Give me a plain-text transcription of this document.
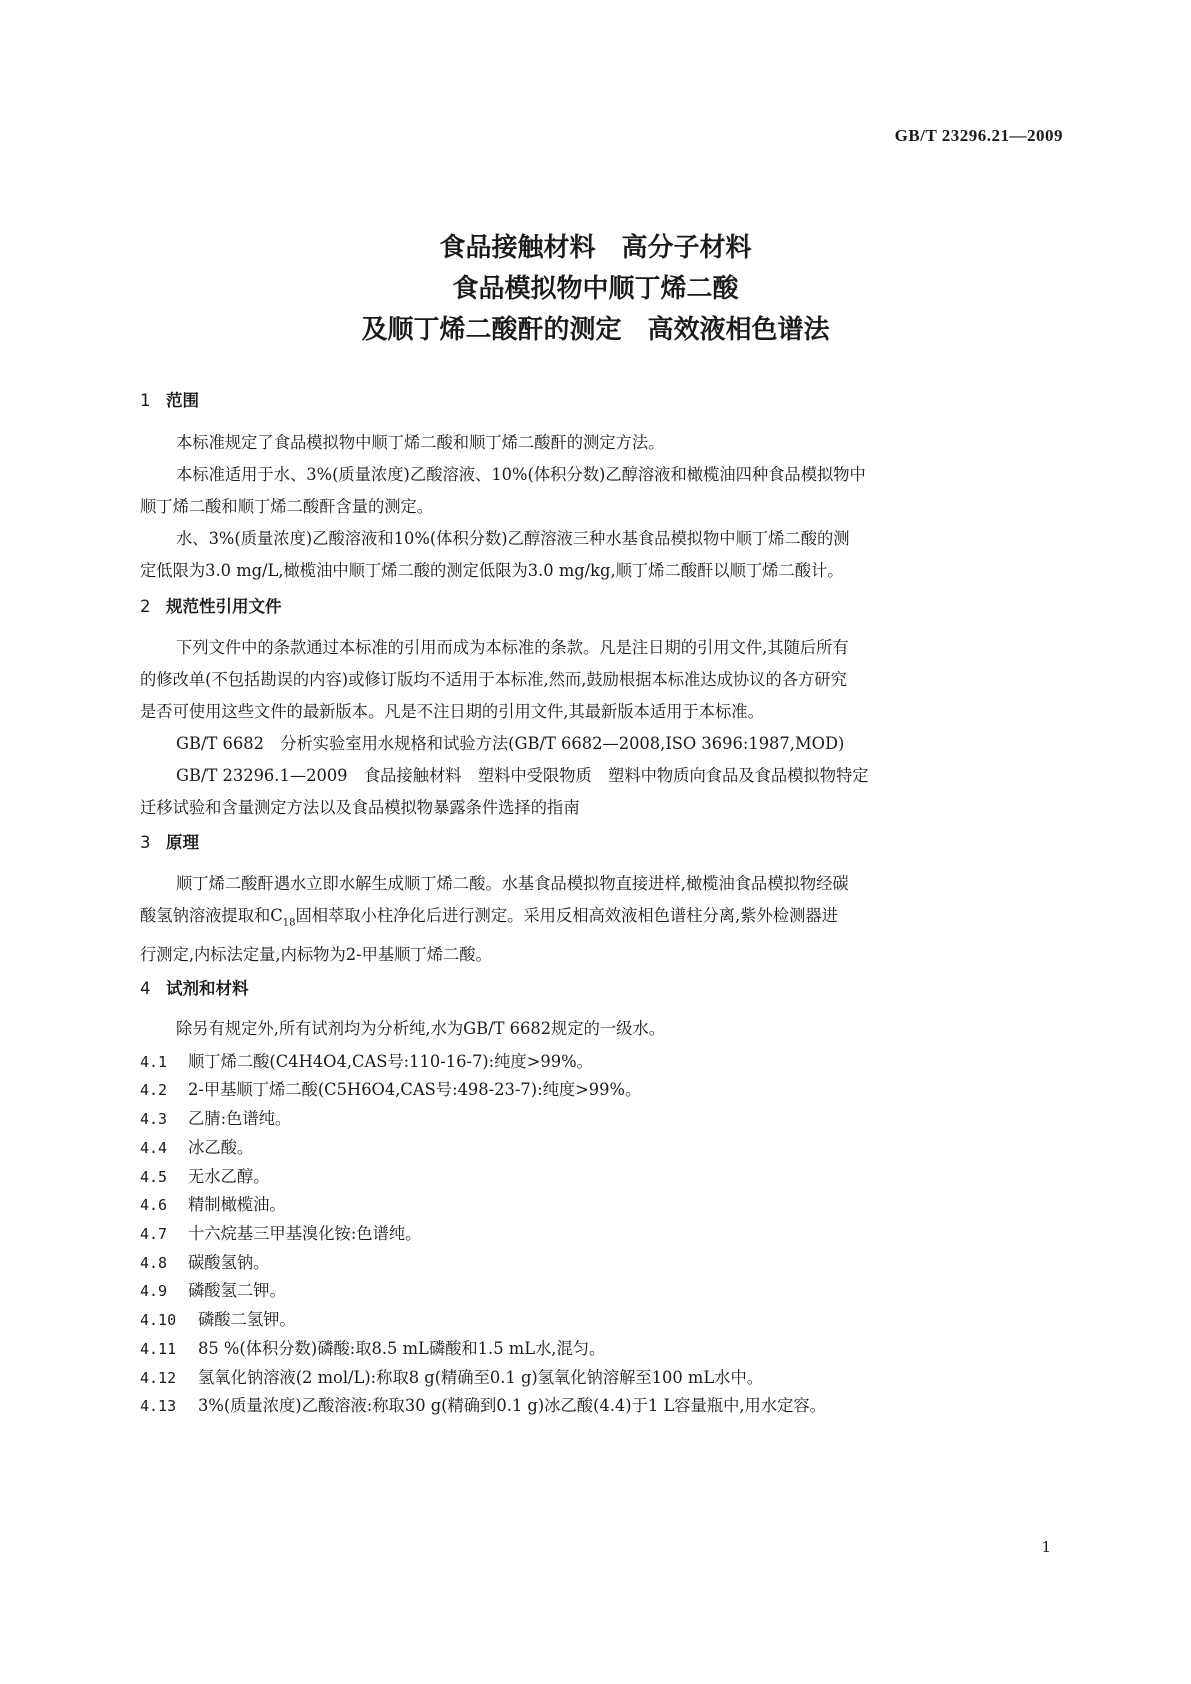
GB/T 23296.21—2009
食品接触材料　高分子材料
食品模拟物中顺丁烯二酸
及顺丁烯二酸酐的测定　高效液相色谱法
1 范围
本标准规定了食品模拟物中顺丁烯二酸和顺丁烯二酸酐的测定方法。
本标准适用于水、3%(质量浓度)乙酸溶液、10%(体积分数)乙醇溶液和橄榄油四种食品模拟物中
顺丁烯二酸和顺丁烯二酸酐含量的测定。
水、3%(质量浓度)乙酸溶液和10%(体积分数)乙醇溶液三种水基食品模拟物中顺丁烯二酸的测
定低限为3.0 mg/L,橄榄油中顺丁烯二酸的测定低限为3.0 mg/kg,顺丁烯二酸酐以顺丁烯二酸计。
2 规范性引用文件
下列文件中的条款通过本标准的引用而成为本标准的条款。凡是注日期的引用文件,其随后所有
的修改单(不包括勘误的内容)或修订版均不适用于本标准,然而,鼓励根据本标准达成协议的各方研究
是否可使用这些文件的最新版本。凡是不注日期的引用文件,其最新版本适用于本标准。
GB/T 6682　分析实验室用水规格和试验方法(GB/T 6682—2008,ISO 3696:1987,MOD)
GB/T 23296.1—2009　食品接触材料　塑料中受限物质　塑料中物质向食品及食品模拟物特定
迁移试验和含量测定方法以及食品模拟物暴露条件选择的指南
3 原理
顺丁烯二酸酐遇水立即水解生成顺丁烯二酸。水基食品模拟物直接进样,橄榄油食品模拟物经碳
酸氢钠溶液提取和$C_{18}$固相萃取小柱净化后进行测定。采用反相高效液相色谱柱分离,紫外检测器进
行测定,内标法定量,内标物为2-甲基顺丁烯二酸。
4 试剂和材料
除另有规定外,所有试剂均为分析纯,水为GB/T 6682规定的一级水。
4.1 顺丁烯二酸(C4H4O4,CAS号:110-16-7):纯度>99%。
4.2 2-甲基顺丁烯二酸(C5H6O4,CAS号:498-23-7):纯度>99%。
4.3 乙腈:色谱纯。
4.4 冰乙酸。
4.5 无水乙醇。
4.6 精制橄榄油。
4.7 十六烷基三甲基溴化铵:色谱纯。
4.8 碳酸氢钠。
4.9 磷酸氢二钾。
4.10 磷酸二氢钾。
4.11 85 %(体积分数)磷酸:取8.5 mL磷酸和1.5 mL水,混匀。
4.12 氢氧化钠溶液(2 mol/L):称取8 g(精确至0.1 g)氢氧化钠溶解至100 mL水中。
4.13 3%(质量浓度)乙酸溶液:称取30 g(精确到0.1 g)冰乙酸(4.4)于1 L容量瓶中,用水定容。
1
